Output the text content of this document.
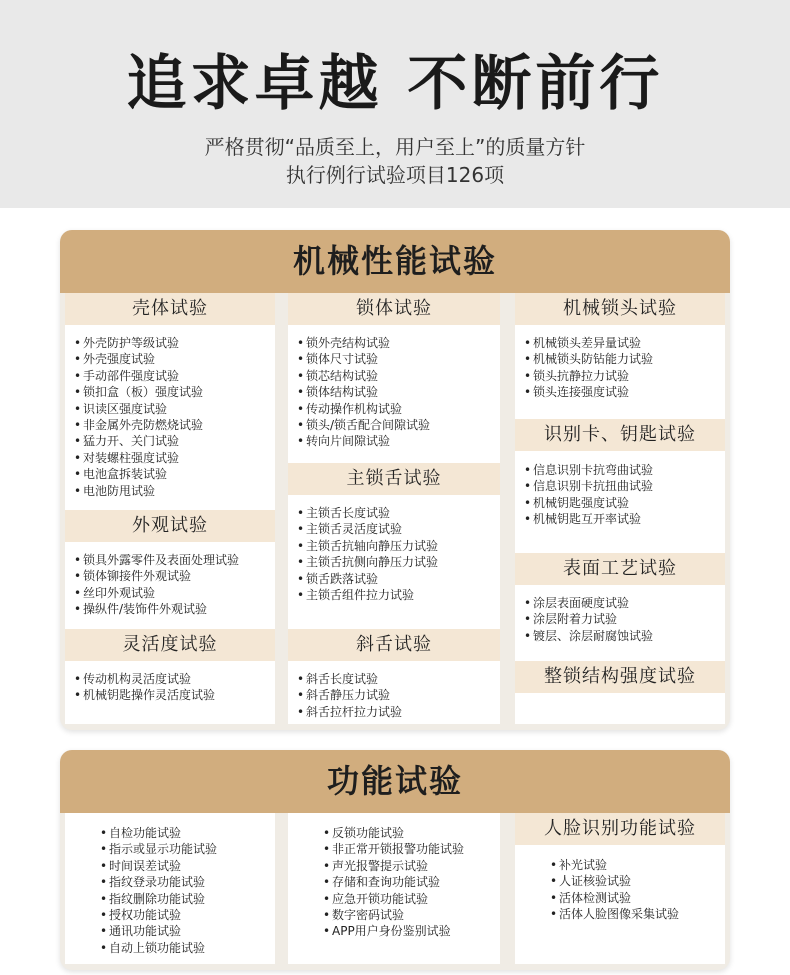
追求卓越 不断前行
严格贯彻“品质至上，用户至上”的质量方针
执行例行试验项目126项
机械性能试验
壳体试验
• 外壳防护等级试验
• 外壳强度试验
• 手动部件强度试验
• 锁扣盒（板）强度试验
• 识读区强度试验
• 非金属外壳防燃烧试验
• 猛力开、关门试验
• 对装螺柱强度试验
• 电池盒拆装试验
• 电池防甩试验
外观试验
• 锁具外露零件及表面处理试验
• 锁体铆接件外观试验
• 丝印外观试验
• 操纵件/装饰件外观试验
灵活度试验
• 传动机构灵活度试验
• 机械钥匙操作灵活度试验
锁体试验
• 锁外壳结构试验
• 锁体尺寸试验
• 锁芯结构试验
• 锁体结构试验
• 传动操作机构试验
• 锁头/锁舌配合间隙试验
• 转向片间隙试验
主锁舌试验
• 主锁舌长度试验
• 主锁舌灵活度试验
• 主锁舌抗轴向静压力试验
• 主锁舌抗侧向静压力试验
• 锁舌跌落试验
• 主锁舌组件拉力试验
斜舌试验
• 斜舌长度试验
• 斜舌静压力试验
• 斜舌拉杆拉力试验
机械锁头试验
• 机械锁头差异量试验
• 机械锁头防钻能力试验
• 锁头抗静拉力试验
• 锁头连接强度试验
识别卡、钥匙试验
• 信息识别卡抗弯曲试验
• 信息识别卡抗扭曲试验
• 机械钥匙强度试验
• 机械钥匙互开率试验
表面工艺试验
• 涂层表面硬度试验
• 涂层附着力试验
• 镀层、涂层耐腐蚀试验
整锁结构强度试验
功能试验
• 自检功能试验
• 指示或显示功能试验
• 时间误差试验
• 指纹登录功能试验
• 指纹删除功能试验
• 授权功能试验
• 通讯功能试验
• 自动上锁功能试验
• 反锁功能试验
• 非正常开锁报警功能试验
• 声光报警提示试验
• 存储和查询功能试验
• 应急开锁功能试验
• 数字密码试验
• APP用户身份鉴别试验
人脸识别功能试验
• 补光试验
• 人证核验试验
• 活体检测试验
• 活体人脸图像采集试验
